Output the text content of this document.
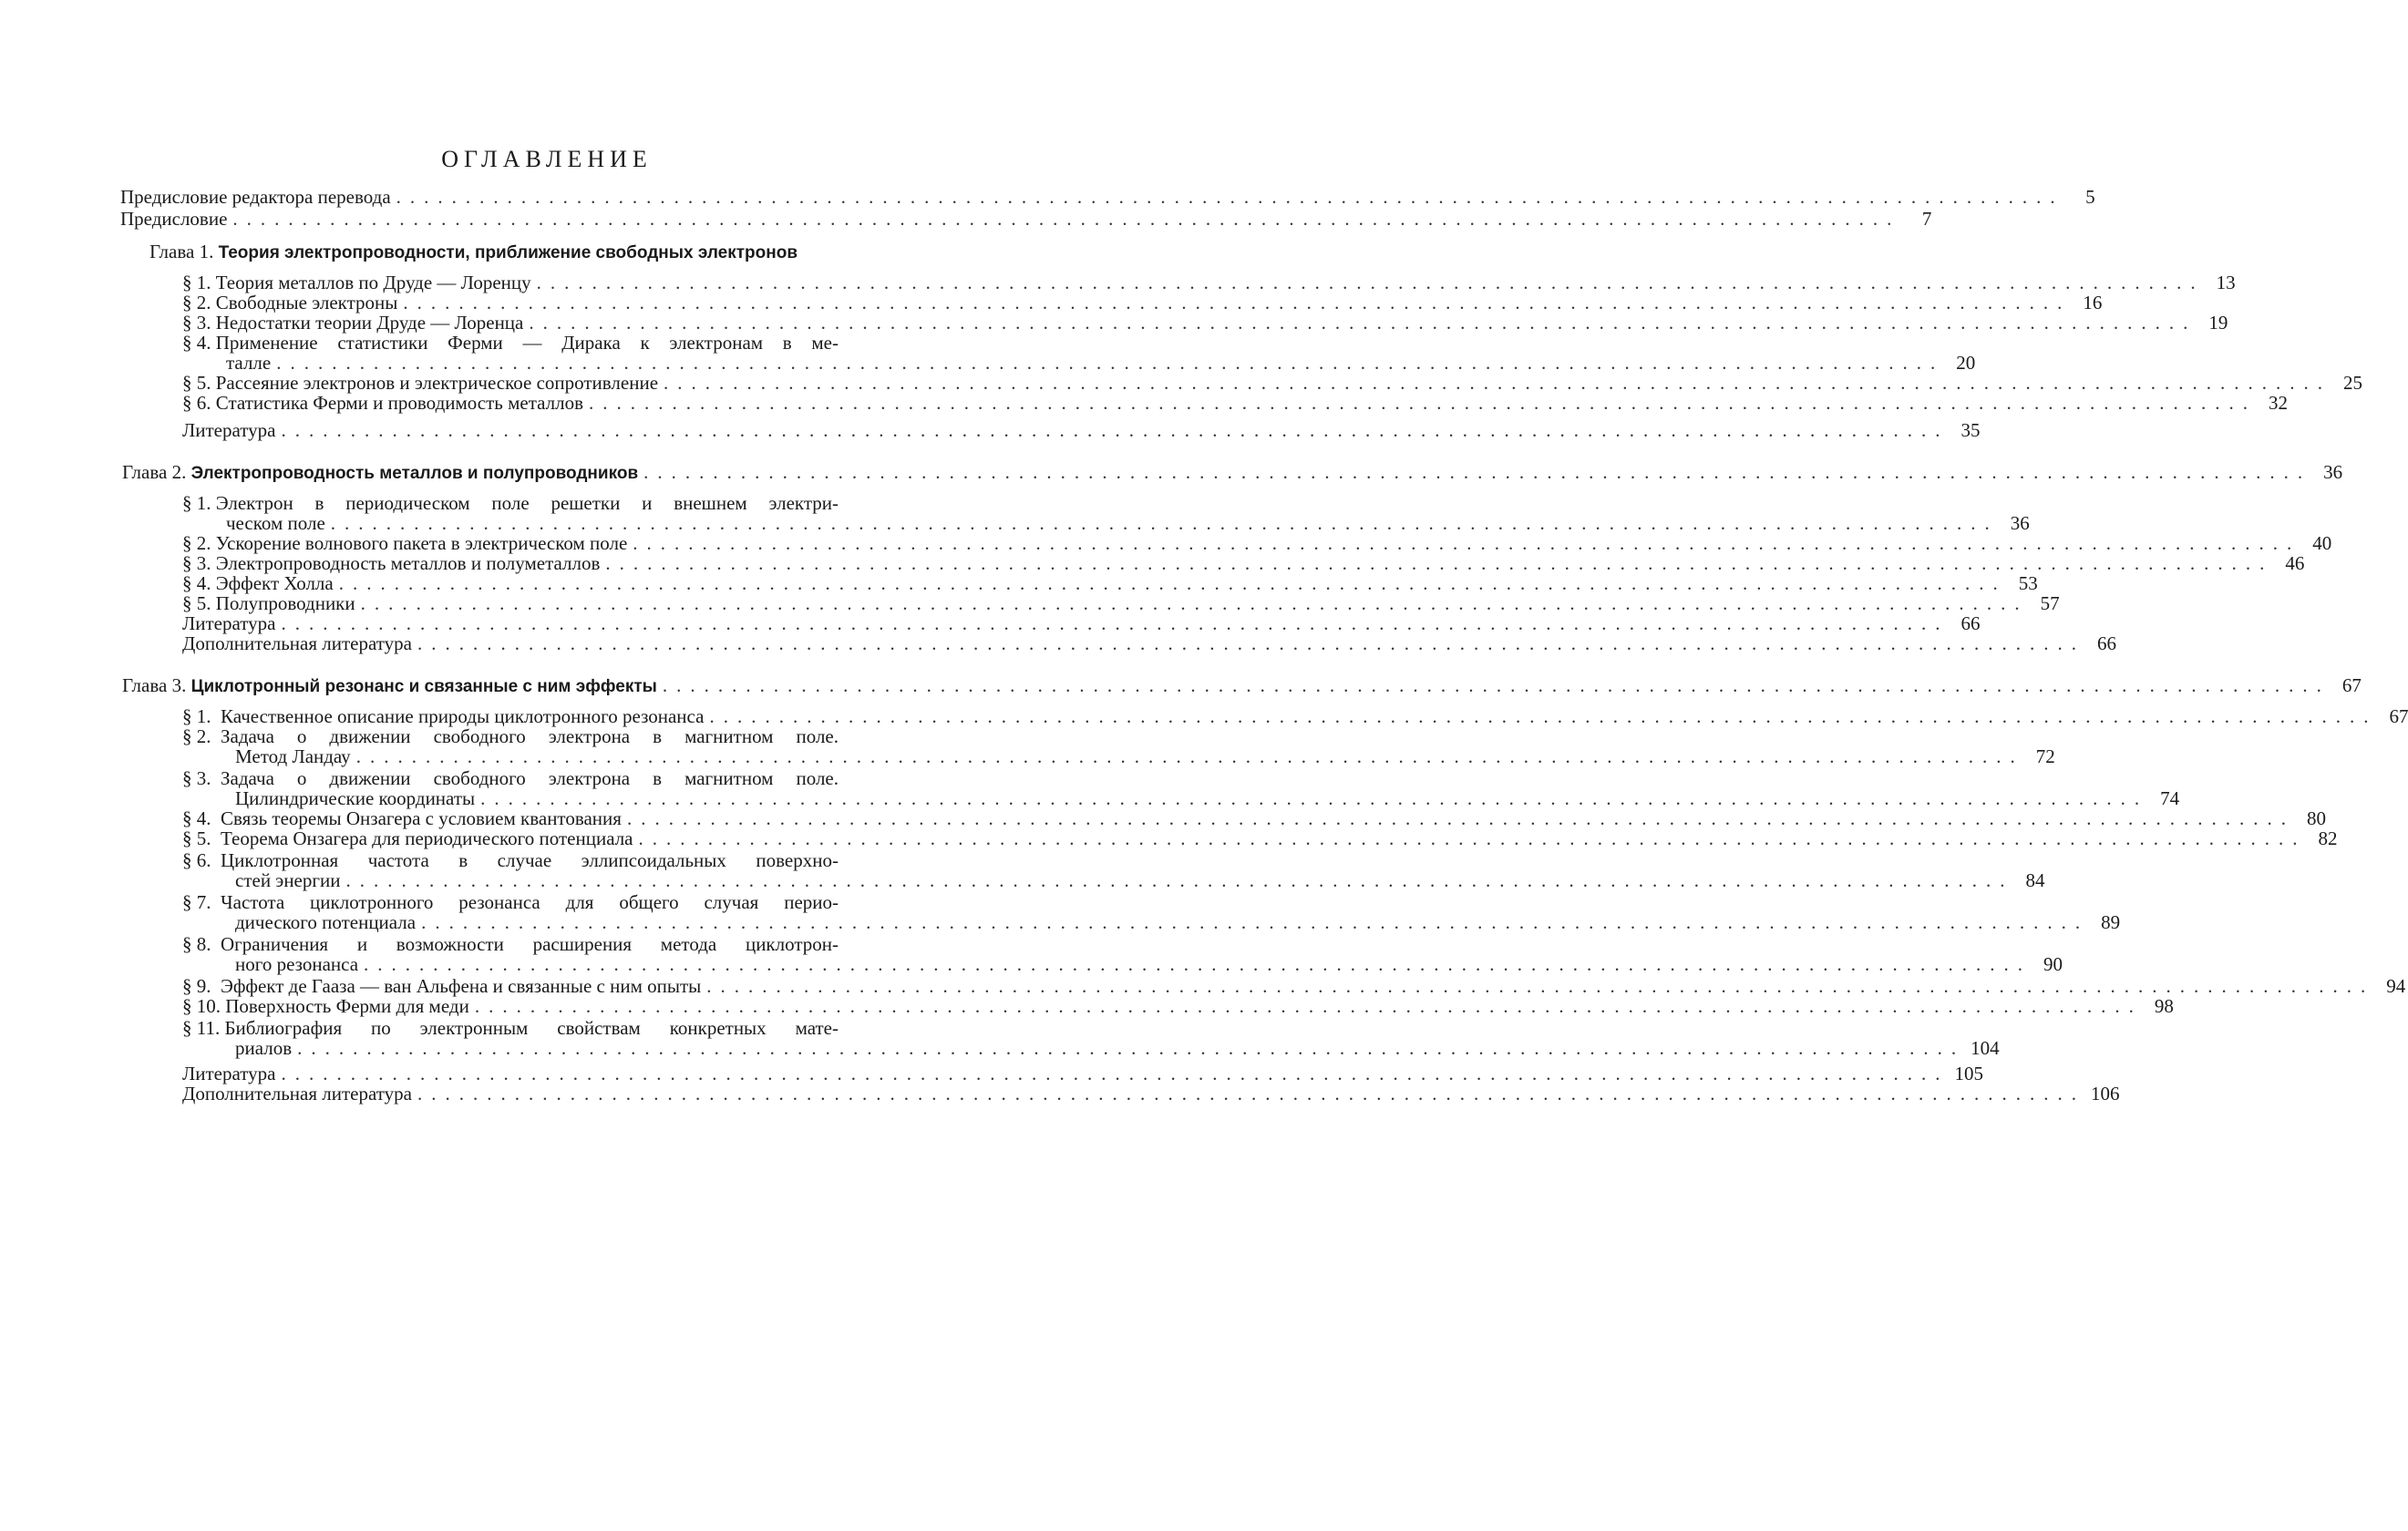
ОГЛАВЛЕНИЕ
Предисловие редактора перевода ........................................................................................................................	5
Предисловие ........................................................................................................................	7
Глава 1.
Теория электропроводности, приближение свободных электронов
§ 1.
Теория металлов по Друде — Лоренцу ........................................................................................................................ 13
§ 2.
Свободные электроны ........................................................................................................................ 16
§ 3.
Недостатки теории Друде — Лоренца ........................................................................................................................ 19
§ 4.
Применение статистики Ферми — Дирака к электронам в ме-
талле ........................................................................................................................ 20
§ 5.
Рассеяние электронов и электрическое сопротивление ........................................................................................................................ 25
§ 6.
Статистика Ферми и проводимость металлов ........................................................................................................................ 32
Литература ........................................................................................................................ 35
Глава 2.
Электропроводность металлов и полупроводников ........................................................................................................................ 36
§ 1.
Электрон в периодическом поле решетки и внешнем электри-
ческом поле ........................................................................................................................ 36
§ 2.
Ускорение волнового пакета в электрическом поле ........................................................................................................................ 40
§ 3.
Электропроводность металлов и полуметаллов ........................................................................................................................ 46
§ 4.
Эффект Холла ........................................................................................................................ 53
§ 5.
Полупроводники ........................................................................................................................ 57
Литература ........................................................................................................................ 66
Дополнительная литература ........................................................................................................................ 66
Глава 3.
Циклотронный резонанс и связанные с ним эффекты ........................................................................................................................ 67
§ 1.
Качественное описание природы циклотронного резонанса ........................................................................................................................ 67
§ 2.
Задача о движении свободного электрона в магнитном поле.
Метод Ландау ........................................................................................................................ 72
§ 3.
Задача о движении свободного электрона в магнитном поле.
Цилиндрические координаты ........................................................................................................................ 74
§ 4.
Связь теоремы Онзагера с условием квантования ........................................................................................................................ 80
§ 5.
Теорема Онзагера для периодического потенциала ........................................................................................................................ 82
§ 6.
Циклотронная частота в случае эллипсоидальных поверхно-
стей энергии ........................................................................................................................ 84
§ 7.
Частота циклотронного резонанса для общего случая перио-
дического потенциала ........................................................................................................................ 89
§ 8.
Ограничения и возможности расширения метода циклотрон-
ного резонанса ........................................................................................................................ 90
§ 9.
Эффект де Гааза — ван Альфена и связанные с ним опыты ........................................................................................................................ 94
§ 10.
Поверхность Ферми для меди ........................................................................................................................ 98
§ 11.
Библиография по электронным свойствам конкретных мате-
риалов ........................................................................................................................ 104
Литература ........................................................................................................................ 105
Дополнительная литература ........................................................................................................................ 106
